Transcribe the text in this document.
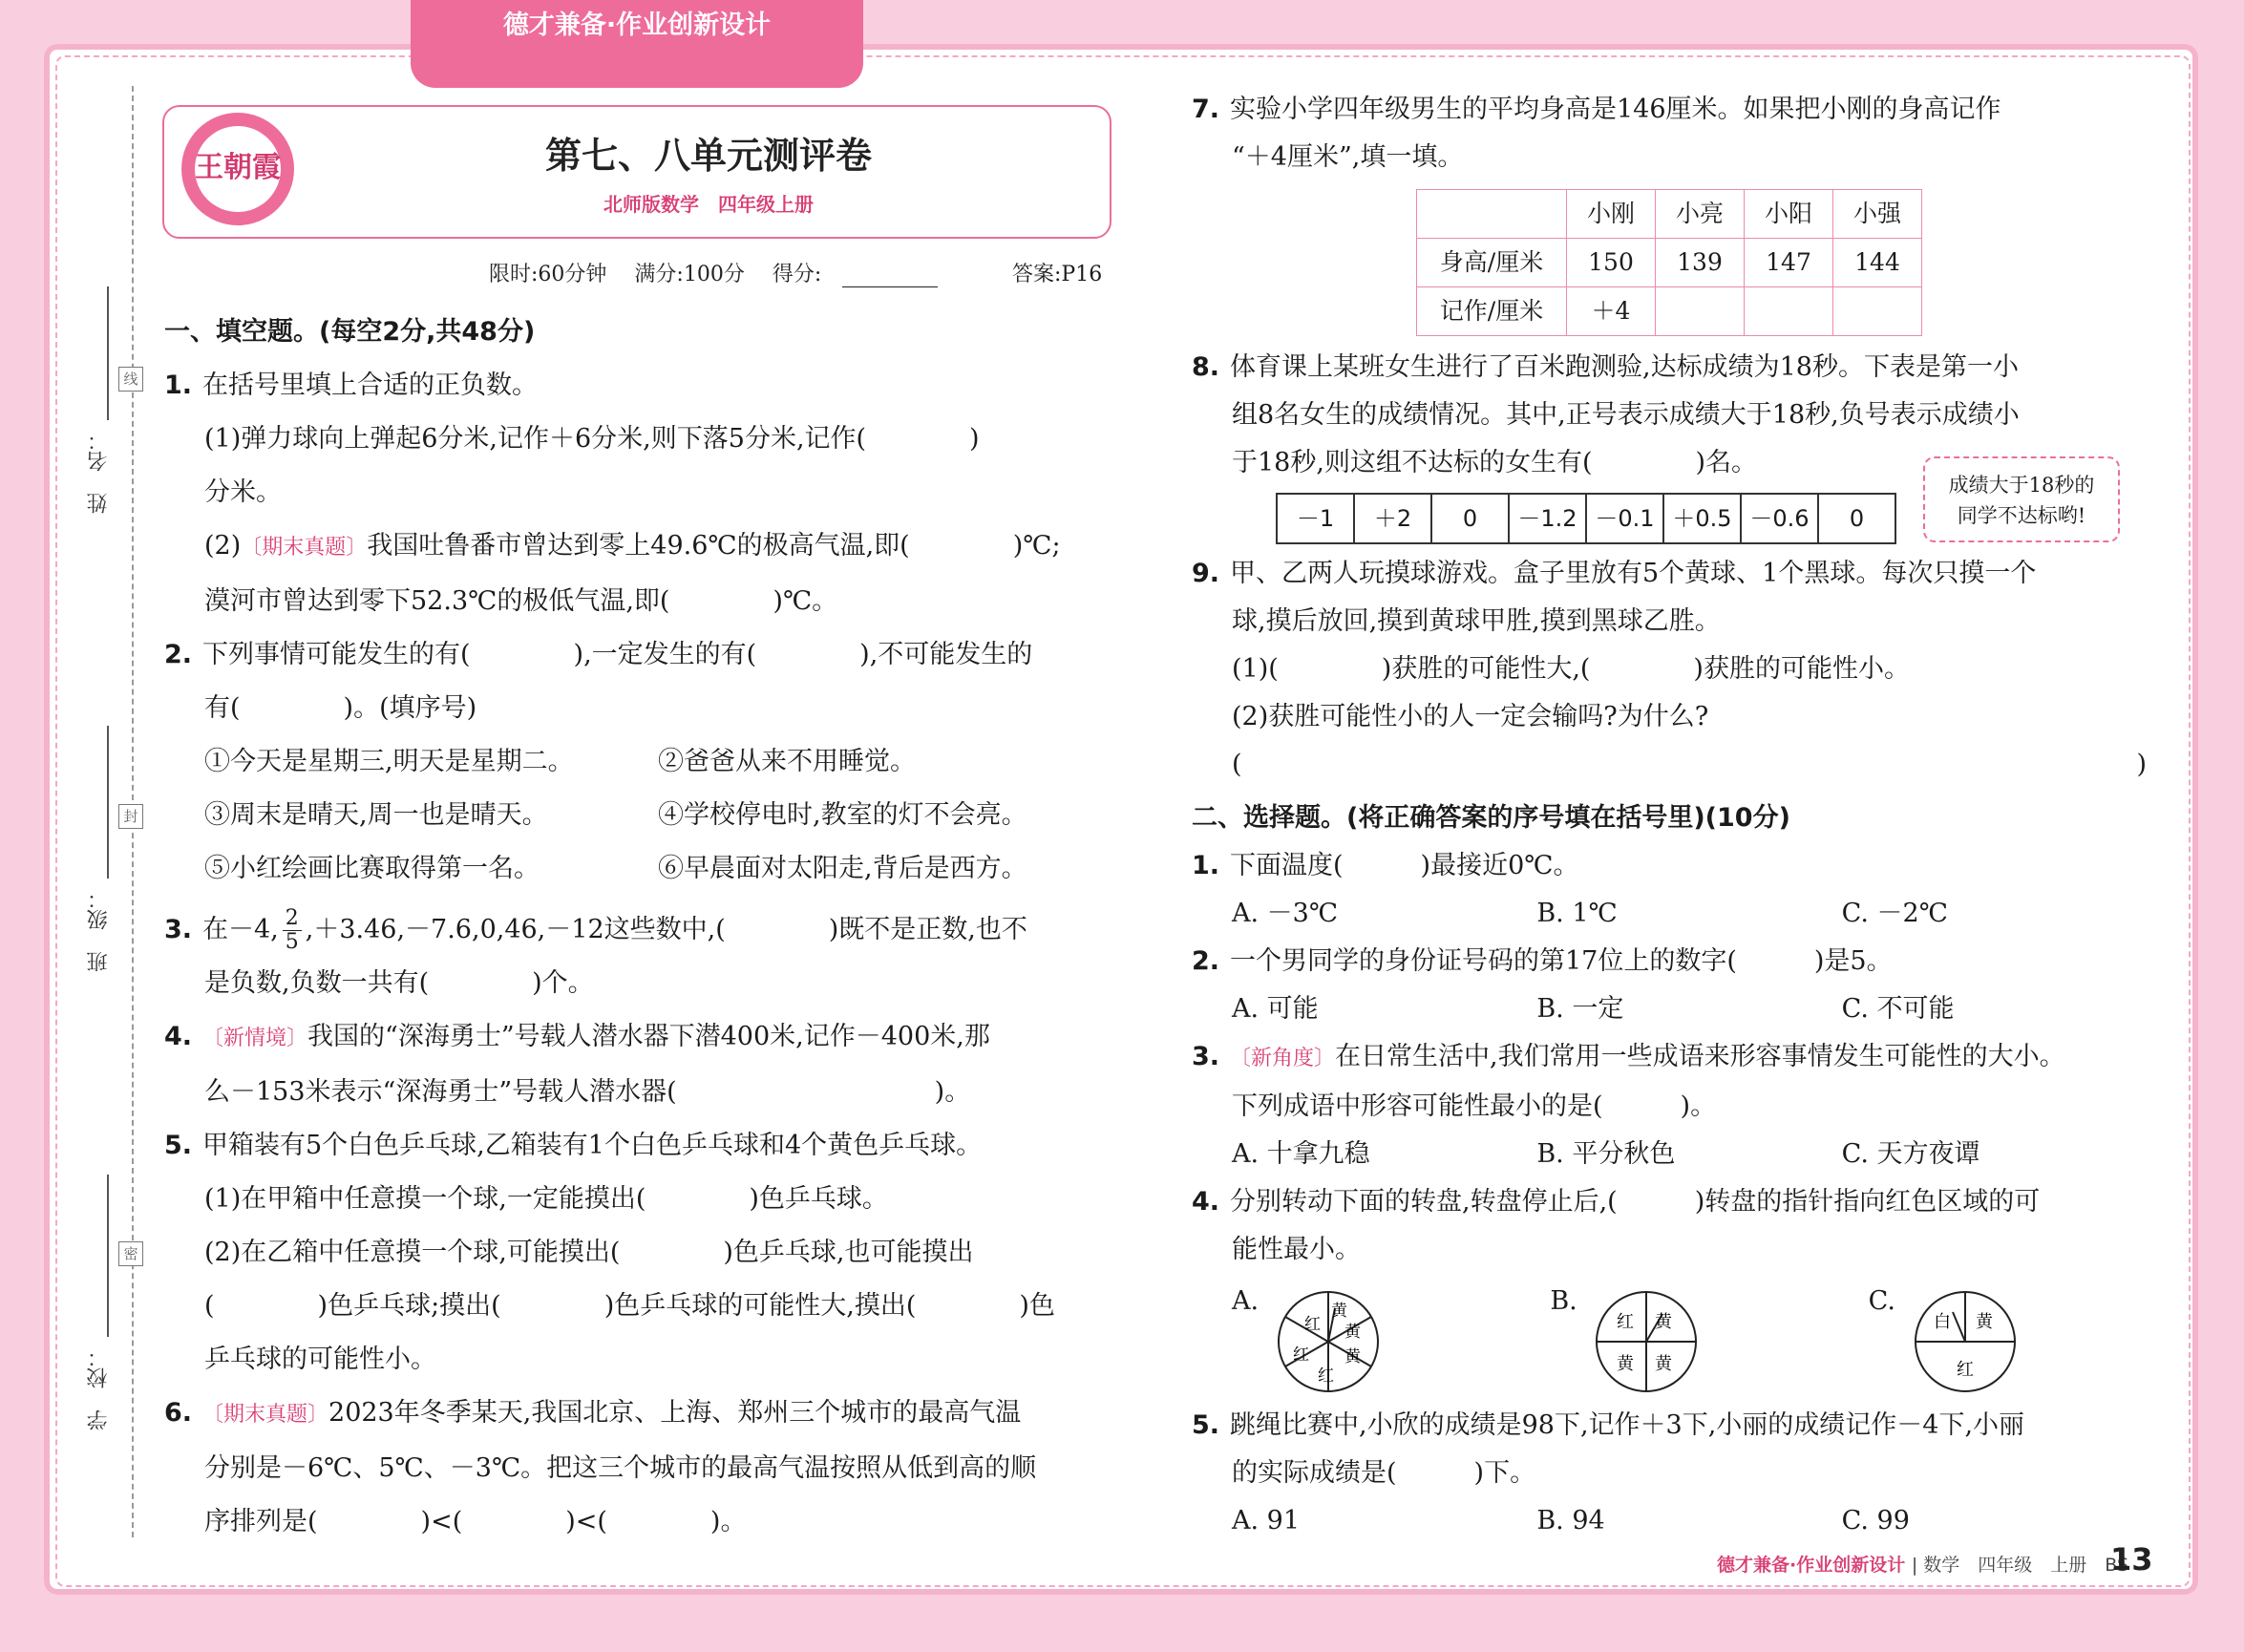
德才兼备·作业创新设计
姓　名：
线
班　级：
封
学　校：
密
王朝霞	第七、八单元测评卷
北师版数学　四年级上册
限时:60分钟 满分:100分 得分:	答案:P16
一、填空题。(每空2分,共48分)
1. 在括号里填上合适的正负数。
(1)弹力球向上弹起6分米,记作＋6分米,则下落5分米,记作(　　　　)
分米。
(2)〔期末真题〕我国吐鲁番市曾达到零上49.6℃的极高气温,即(　　　　)℃;
漠河市曾达到零下52.3℃的极低气温,即(　　　　)℃。
2. 下列事情可能发生的有(　　　　),一定发生的有(　　　　),不可能发生的
有(　　　　)。(填序号)
①今天是星期三,明天是星期二。	②爸爸从来不用睡觉。
③周末是晴天,周一也是晴天。	④学校停电时,教室的灯不会亮。
⑤小红绘画比赛取得第一名。	⑥早晨面对太阳走,背后是西方。
3. 在－4, $\frac{2}{5} ,+3.46,-7.6,0,46,-12$这些数中,(　　　　)既不是正数,也不
是负数,负数一共有(　　　　)个。
4. 〔新情境〕我国的“深海勇士”号载人潜水器下潜400米,记作－400米,那
么－153米表示“深海勇士”号载人潜水器(　　　　　　　　　　)。
5. 甲箱装有5个白色乒乓球,乙箱装有1个白色乒乓球和4个黄色乒乓球。
(1)在甲箱中任意摸一个球,一定能摸出(　　　　)色乒乓球。
(2)在乙箱中任意摸一个球,可能摸出(　　　　)色乒乓球,也可能摸出
(　　　　)色乒乓球;摸出(　　　　)色乒乓球的可能性大,摸出(　　　　)色
乒乓球的可能性小。
6. 〔期末真题〕2023年冬季某天,我国北京、上海、郑州三个城市的最高气温
分别是－6℃、5℃、－3℃。把这三个城市的最高气温按照从低到高的顺
序排列是(　　　　)<(　　　　)<(　　　　)。
7. 实验小学四年级男生的平均身高是146厘米。如果把小刚的身高记作
“＋4厘米”,填一填。
	小刚	小亮	小阳	小强
身高/厘米	150	139	147	144
记作/厘米	＋4			
8. 体育课上某班女生进行了百米跑测验,达标成绩为18秒。下表是第一小
组8名女生的成绩情况。其中,正号表示成绩大于18秒,负号表示成绩小
于18秒,则这组不达标的女生有(　　　　)名。
－1	＋2	0	－1.2	－0.1	＋0.5	－0.6	0
9. 甲、乙两人玩摸球游戏。盒子里放有5个黄球、1个黑球。每次只摸一个
球,摸后放回,摸到黄球甲胜,摸到黑球乙胜。
(1)(　　　　)获胜的可能性大,(　　　　)获胜的可能性小。
(2)获胜可能性小的人一定会输吗?为什么?
(	)
二、选择题。(将正确答案的序号填在括号里)(10分)
1. 下面温度(　　　)最接近0℃。
A. －3℃	B. 1℃	C. －2℃
2. 一个男同学的身份证号码的第17位上的数字(　　　)是5。
A. 可能	B. 一定	C. 不可能
3. 〔新角度〕在日常生活中,我们常用一些成语来形容事情发生可能性的大小。
下列成语中形容可能性最小的是(　　　)。
A. 十拿九稳	B. 平分秋色	C. 天方夜谭
4. 分别转动下面的转盘,转盘停止后,(　　　)转盘的指针指向红色区域的可
能性最小。
A.
红
黄
黄
黄
红
红
B.
红 黄
黄 黄
C.
白 黄
红
5. 跳绳比赛中,小欣的成绩是98下,记作＋3下,小丽的成绩记作－4下,小丽
的实际成绩是(　　　)下。
A. 91	B. 94	C. 99
成绩大于18秒的
同学不达标哟!
德才兼备·作业创新设计 | 数学　四年级　上册　BS
13
